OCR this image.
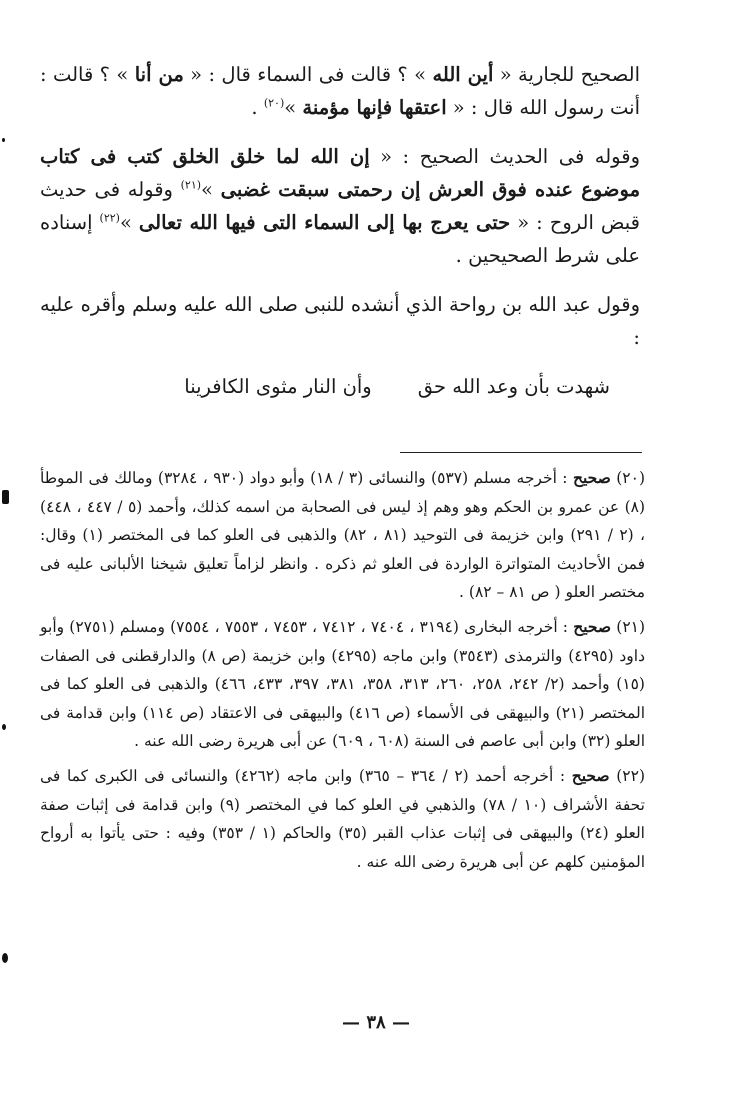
الصحيح للجارية « أين الله » ؟ قالت فى السماء قال : « من أنا » ؟ قالت : أنت رسول الله قال : « اعتقها فإنها مؤمنة »$^{(٢٠)}$ .

وقوله فى الحديث الصحيح : « إن الله لما خلق الخلق كتب فى كتاب موضوع عنده فوق العرش إن رحمتى سبقت غضبى »$^{(٢١)}$ وقوله فى حديث قبض الروح : « حتى يعرج بها إلى السماء التى فيها الله تعالى »$^{(٢٢)}$ إسناده على شرط الصحيحين .

وقول عبد الله بن رواحة الذي أنشده للنبى صلى الله عليه وسلم وأقره عليه :

شهدت بأن وعد الله حق
وأن النار مثوى الكافرينا

(٢٠) صحيح : أخرجه مسلم (٥٣٧) والنسائى (٣ / ١٨) وأبو دواد (٩٣٠ ، ٣٢٨٤) ومالك فى الموطأ (٨) عن عمرو بن الحكم وهو وهم إذ ليس فى الصحابة من اسمه كذلك، وأحمد (٥ / ٤٤٧ ، ٤٤٨) ، (٢ / ٢٩١) وابن خزيمة فى التوحيد (٨١ ، ٨٢) والذهبى فى العلو كما فى المختصر (١) وقال: فمن الأحاديث المتواترة الواردة فى العلو ثم ذكره . وانظر لزاماً تعليق شيخنا الألبانى عليه فى مختصر العلو ( ص ٨١ – ٨٢) .

(٢١) صحيح : أخرجه البخارى (٣١٩٤ ، ٧٤٠٤ ، ٧٤١٢ ، ٧٤٥٣ ، ٧٥٥٣ ، ٧٥٥٤) ومسلم (٢٧٥١) وأبو داود (٤٢٩٥) والترمذى (٣٥٤٣) وابن ماجه (٤٢٩٥) وابن خزيمة (ص ٨) والدارقطنى فى الصفات (١٥) وأحمد (٢/ ٢٤٢، ٢٥٨، ٢٦٠، ٣١٣، ٣٥٨، ٣٨١، ٣٩٧، ٤٣٣، ٤٦٦) والذهبى فى العلو كما فى المختصر (٢١) والبيهقى فى الأسماء (ص ٤١٦) والبيهقى فى الاعتقاد (ص ١١٤) وابن قدامة فى العلو (٣٢) وابن أبى عاصم فى السنة (٦٠٨ ، ٦٠٩) عن أبى هريرة رضى الله عنه .

(٢٢) صحيح : أخرجه أحمد (٢ / ٣٦٤ – ٣٦٥) وابن ماجه (٤٢٦٢) والنسائى فى الكبرى كما فى تحفة الأشراف (١٠ / ٧٨) والذهبي في العلو كما في المختصر (٩) وابن قدامة فى إثبات صفة العلو (٢٤) والبيهقى فى إثبات عذاب القبر (٣٥) والحاكم (١ / ٣٥٣) وفيه : حتى يأتوا به أرواح المؤمنين كلهم عن أبى هريرة رضى الله عنه .

— ٣٨ —
